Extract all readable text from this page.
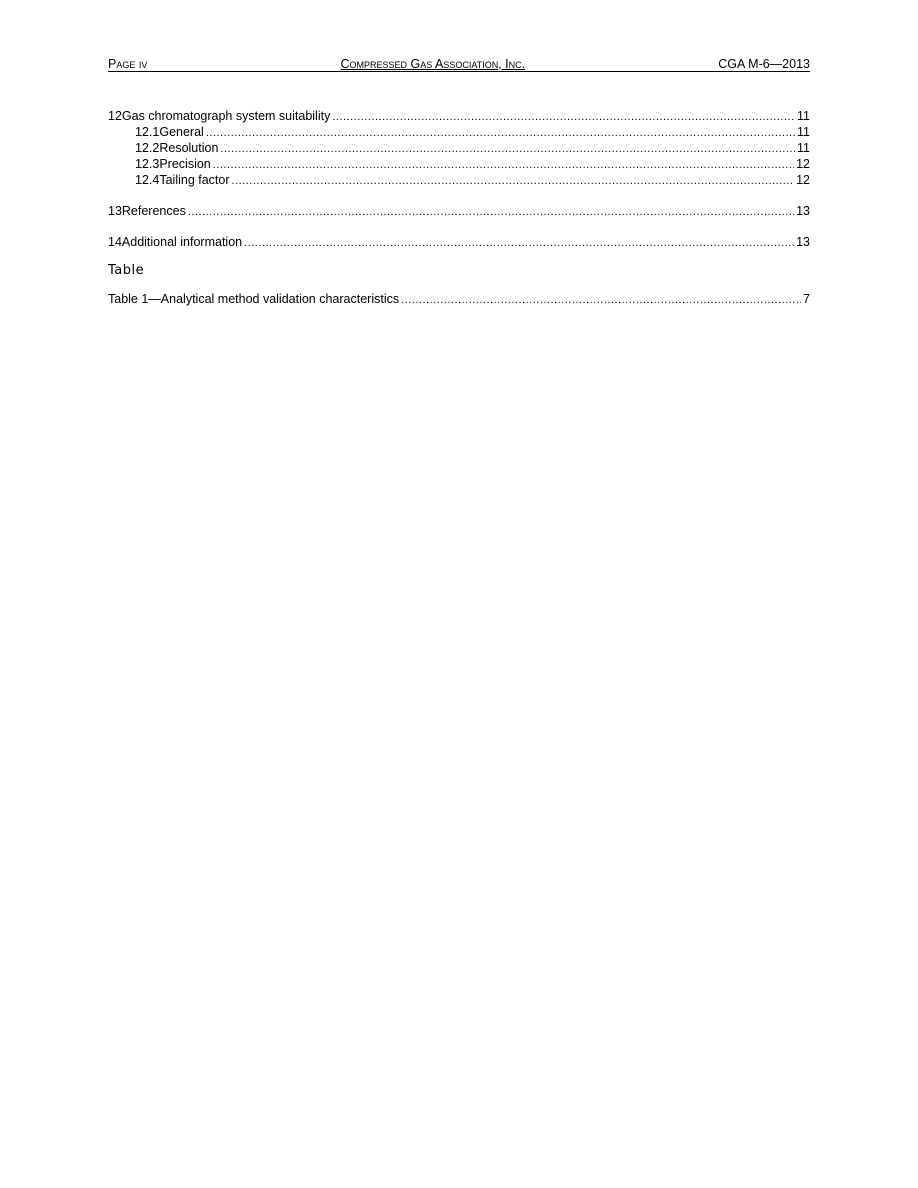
Page iv	Compressed Gas Association, Inc.	CGA M-6—2013
12 Gas chromatograph system suitability .....	11
12.1 General .....	11
12.2 Resolution .....	11
12.3 Precision .....	12
12.4 Tailing factor .....	12
13 References .....	13
14 Additional information .....	13
Table
Table 1—Analytical method validation characteristics .....	7
